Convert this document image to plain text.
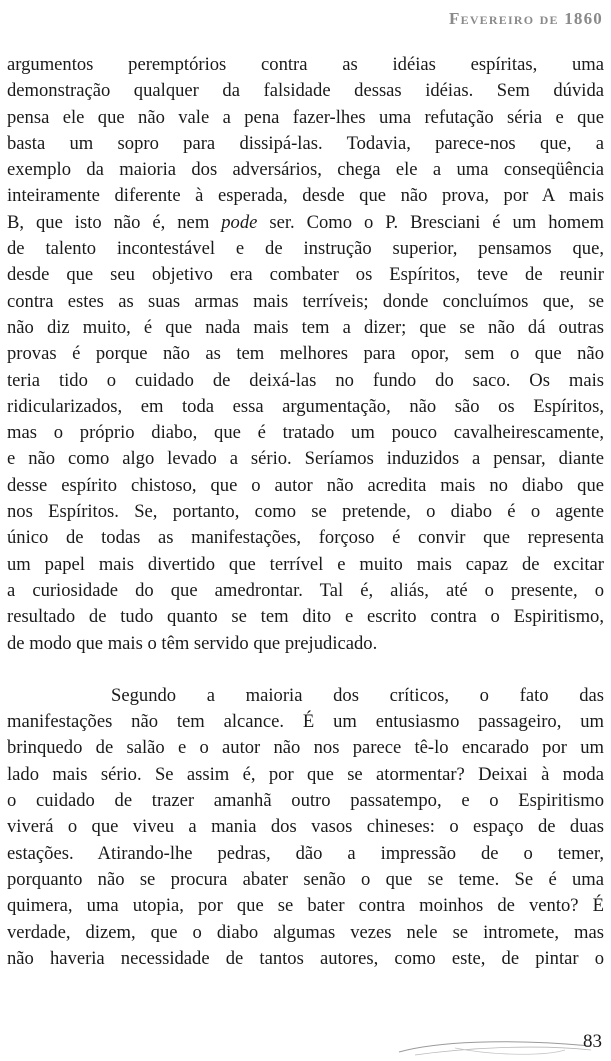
Fevereiro de 1860

argumentos peremptórios contra as idéias espíritas, uma
demonstração qualquer da falsidade dessas idéias. Sem dúvida
pensa ele que não vale a pena fazer-lhes uma refutação séria e que
basta um sopro para dissipá-las. Todavia, parece-nos que, a
exemplo da maioria dos adversários, chega ele a uma conseqüência
inteiramente diferente à esperada, desde que não prova, por A mais
B, que isto não é, nem pode ser. Como o P. Bresciani é um homem
de talento incontestável e de instrução superior, pensamos que,
desde que seu objetivo era combater os Espíritos, teve de reunir
contra estes as suas armas mais terríveis; donde concluímos que, se
não diz muito, é que nada mais tem a dizer; que se não dá outras
provas é porque não as tem melhores para opor, sem o que não
teria tido o cuidado de deixá-las no fundo do saco. Os mais
ridicularizados, em toda essa argumentação, não são os Espíritos,
mas o próprio diabo, que é tratado um pouco cavalheirescamente,
e não como algo levado a sério. Seríamos induzidos a pensar, diante
desse espírito chistoso, que o autor não acredita mais no diabo que
nos Espíritos. Se, portanto, como se pretende, o diabo é o agente
único de todas as manifestações, forçoso é convir que representa
um papel mais divertido que terrível e muito mais capaz de excitar
a curiosidade do que amedrontar. Tal é, aliás, até o presente, o
resultado de tudo quanto se tem dito e escrito contra o Espiritismo,
de modo que mais o têm servido que prejudicado.

Segundo a maioria dos críticos, o fato das
manifestações não tem alcance. É um entusiasmo passageiro, um
brinquedo de salão e o autor não nos parece tê-lo encarado por um
lado mais sério. Se assim é, por que se atormentar? Deixai à moda
o cuidado de trazer amanhã outro passatempo, e o Espiritismo
viverá o que viveu a mania dos vasos chineses: o espaço de duas
estações. Atirando-lhe pedras, dão a impressão de o temer,
porquanto não se procura abater senão o que se teme. Se é uma
quimera, uma utopia, por que se bater contra moinhos de vento? É
verdade, dizem, que o diabo algumas vezes nele se intromete, mas
não haveria necessidade de tantos autores, como este, de pintar o

83
